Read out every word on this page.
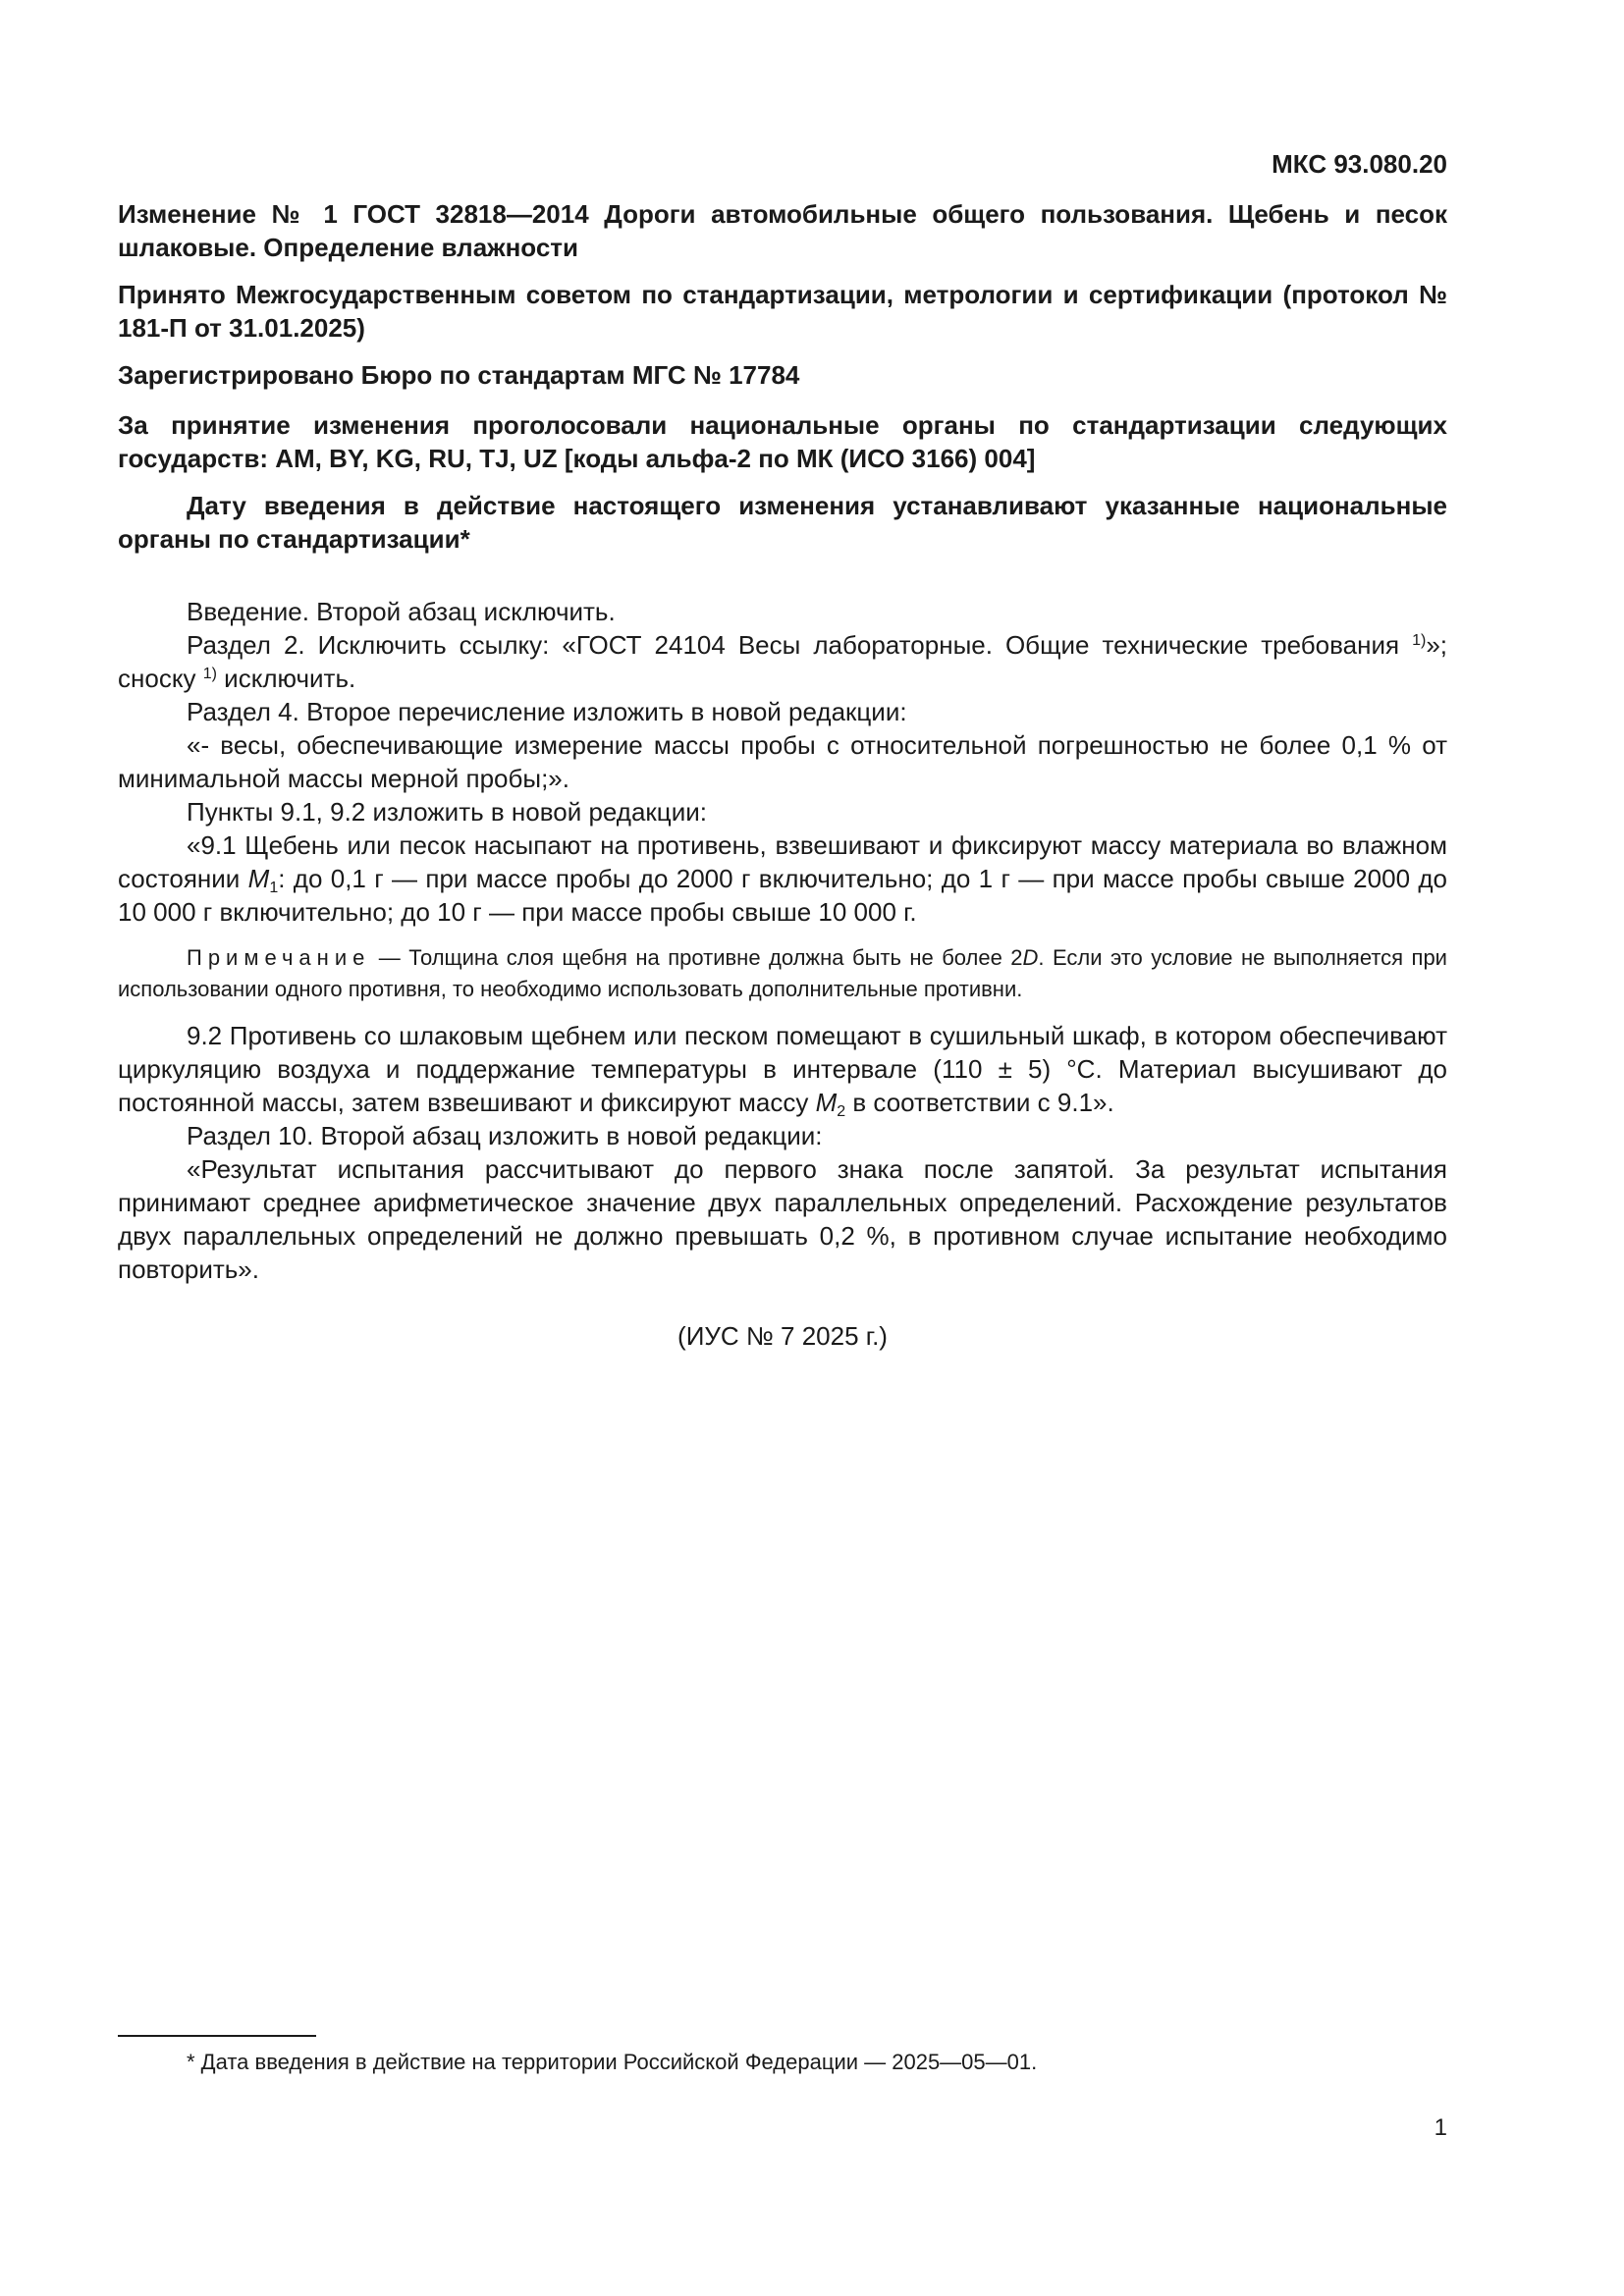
МКС 93.080.20
Изменение № 1 ГОСТ 32818—2014 Дороги автомобильные общего пользования. Щебень и песок шлаковые. Определение влажности
Принято Межгосударственным советом по стандартизации, метрологии и сертификации (протокол № 181-П от 31.01.2025)
Зарегистрировано Бюро по стандартам МГС № 17784
За принятие изменения проголосовали национальные органы по стандартизации следующих государств: AM, BY, KG, RU, TJ, UZ [коды альфа-2 по МК (ИСО 3166) 004]
Дату введения в действие настоящего изменения устанавливают указанные национальные органы по стандартизации*

Введение. Второй абзац исключить.

Раздел 2. Исключить ссылку: «ГОСТ 24104 Весы лабораторные. Общие технические требования $^{1)}$»; сноску $^{1)}$ исключить.

Раздел 4. Второе перечисление изложить в новой редакции:

«- весы, обеспечивающие измерение массы пробы с относительной погрешностью не более 0,1 % от минимальной массы мерной пробы;».

Пункты 9.1, 9.2 изложить в новой редакции:

«9.1 Щебень или песок насыпают на противень, взвешивают и фиксируют массу материала во влажном состоянии $M_1$: до 0,1 г — при массе пробы до 2000 г включительно; до 1 г — при массе пробы свыше 2000 до 10 000 г включительно; до 10 г — при массе пробы свыше 10 000 г.

Примечание — Толщина слоя щебня на противне должна быть не более 2D. Если это условие не выполняется при использовании одного противня, то необходимо использовать дополнительные противни.

9.2 Противень со шлаковым щебнем или песком помещают в сушильный шкаф, в котором обеспечивают циркуляцию воздуха и поддержание температуры в интервале (110 ± 5) °С. Материал высушивают до постоянной массы, затем взвешивают и фиксируют массу $M_2$ в соответствии с 9.1».

Раздел 10. Второй абзац изложить в новой редакции:

«Результат испытания рассчитывают до первого знака после запятой. За результат испытания принимают среднее арифметическое значение двух параллельных определений. Расхождение результатов двух параллельных определений не должно превышать 0,2 %, в противном случае испытание необходимо повторить».

(ИУС № 7 2025 г.)
* Дата введения в действие на территории Российской Федерации — 2025—05—01.
1
